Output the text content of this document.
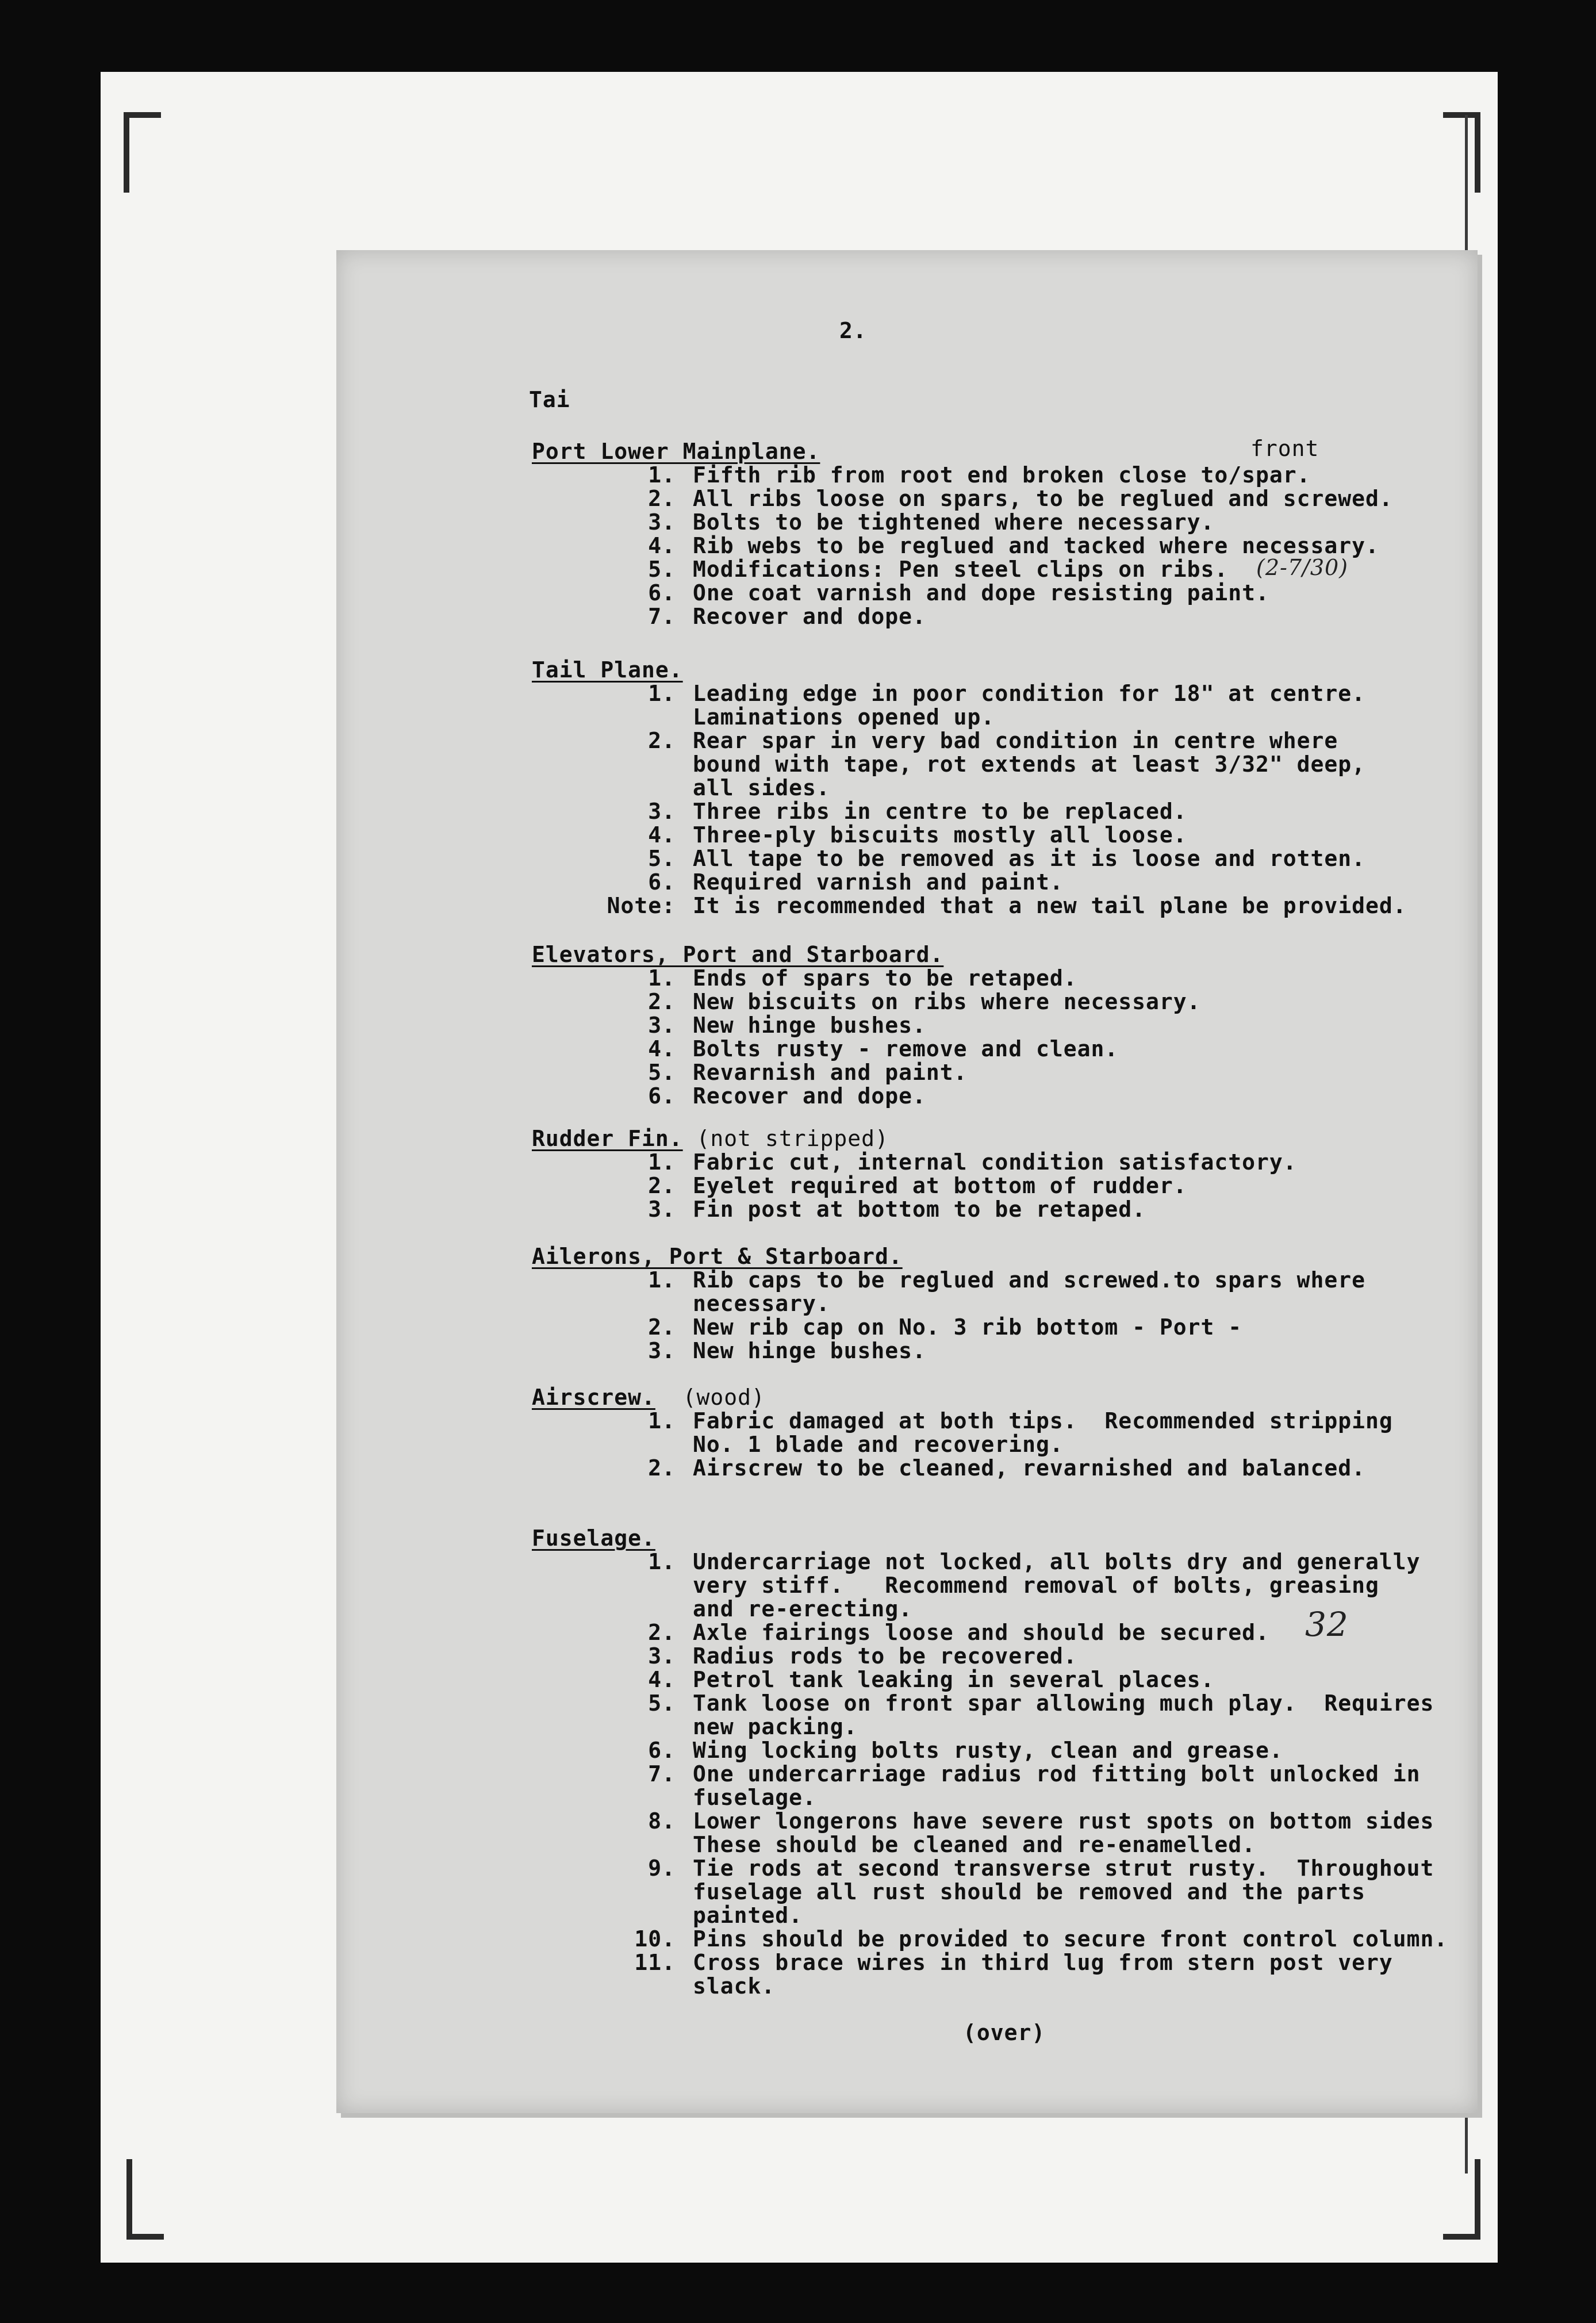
2.
Tai
front
(2-7/30)
32
Port Lower Mainplane.
1. Fifth rib from root end broken close to/spar.
2. All ribs loose on spars, to be reglued and screwed.
3. Bolts to be tightened where necessary.
4. Rib webs to be reglued and tacked where necessary.
5. Modifications: Pen steel clips on ribs.
6. One coat varnish and dope resisting paint.
7. Recover and dope.
Tail Plane.
1. Leading edge in poor condition for 18" at centre.
Laminations opened up.
2. Rear spar in very bad condition in centre where
bound with tape, rot extends at least 3/32" deep,
all sides.
3. Three ribs in centre to be replaced.
4. Three-ply biscuits mostly all loose.
5. All tape to be removed as it is loose and rotten.
6. Required varnish and paint.
Note: It is recommended that a new tail plane be provided.
Elevators, Port and Starboard.
1. Ends of spars to be retaped.
2. New biscuits on ribs where necessary.
3. New hinge bushes.
4. Bolts rusty - remove and clean.
5. Revarnish and paint.
6. Recover and dope.
Rudder Fin. (not stripped)
1. Fabric cut, internal condition satisfactory.
2. Eyelet required at bottom of rudder.
3. Fin post at bottom to be retaped.
Ailerons, Port & Starboard.
1. Rib caps to be reglued and screwed.to spars where
necessary.
2. New rib cap on No. 3 rib bottom - Port -
3. New hinge bushes.
Airscrew.  (wood)
1. Fabric damaged at both tips.  Recommended stripping
No. 1 blade and recovering.
2. Airscrew to be cleaned, revarnished and balanced.
Fuselage.
1. Undercarriage not locked, all bolts dry and generally
very stiff.   Recommend removal of bolts, greasing
and re-erecting.
2. Axle fairings loose and should be secured.
3. Radius rods to be recovered.
4. Petrol tank leaking in several places.
5. Tank loose on front spar allowing much play.  Requires
new packing.
6. Wing locking bolts rusty, clean and grease.
7. One undercarriage radius rod fitting bolt unlocked in
fuselage.
8. Lower longerons have severe rust spots on bottom sides
These should be cleaned and re-enamelled.
9. Tie rods at second transverse strut rusty.  Throughout
fuselage all rust should be removed and the parts
painted.
10. Pins should be provided to secure front control column.
11. Cross brace wires in third lug from stern post very
slack.
(over)
